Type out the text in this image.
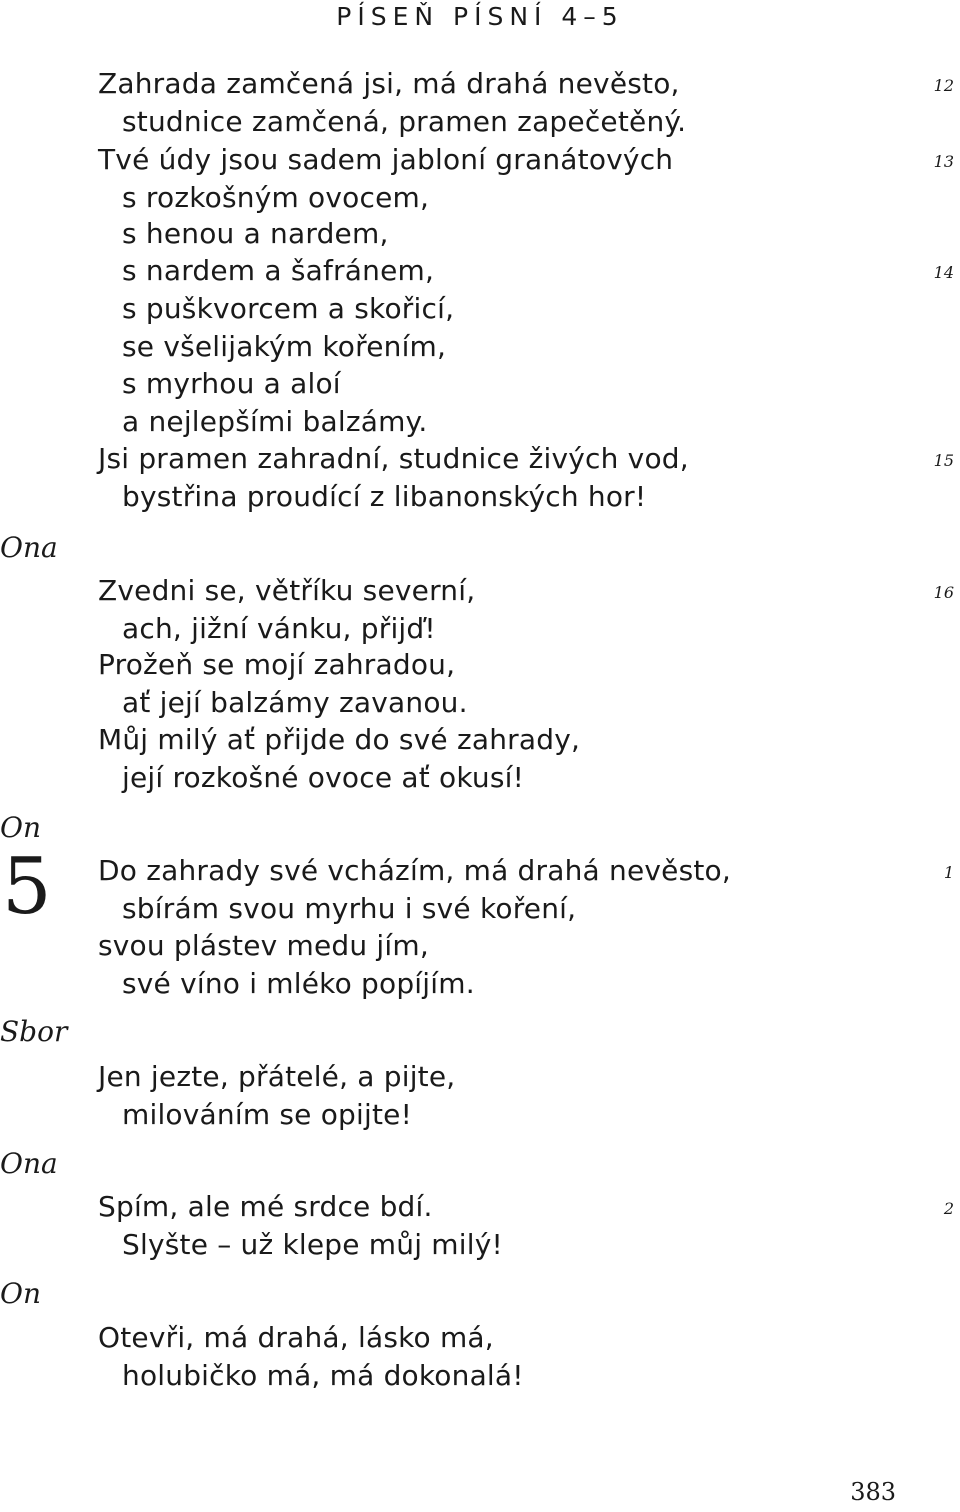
PÍSEŇ PÍSNÍ 4–5
Ona
On
Sbor
Ona
On
5
Zahrada zamčená jsi, má drahá nevěsto,
studnice zamčená, pramen zapečetěný.
Tvé údy jsou sadem jabloní granátových
s rozkošným ovocem,
s henou a nardem,
s nardem a šafránem,
s puškvorcem a skořicí,
se všelijakým kořením,
s myrhou a aloí
a nejlepšími balzámy.
Jsi pramen zahradní, studnice živých vod,
bystřina proudící z libanonských hor!
Zvedni se, větříku severní,
ach, jižní vánku, přijď!
Prožeň se mojí zahradou,
ať její balzámy zavanou.
Můj milý ať přijde do své zahrady,
její rozkošné ovoce ať okusí!
Do zahrady své vcházím, má drahá nevěsto,
sbírám svou myrhu i své koření,
svou plástev medu jím,
své víno i mléko popíjím.
Jen jezte, přátelé, a pijte,
milováním se opijte!
Spím, ale mé srdce bdí.
Slyšte – už klepe můj milý!
Otevři, má drahá, lásko má,
holubičko má, má dokonalá!
12
13
14
15
16
1
2
383
